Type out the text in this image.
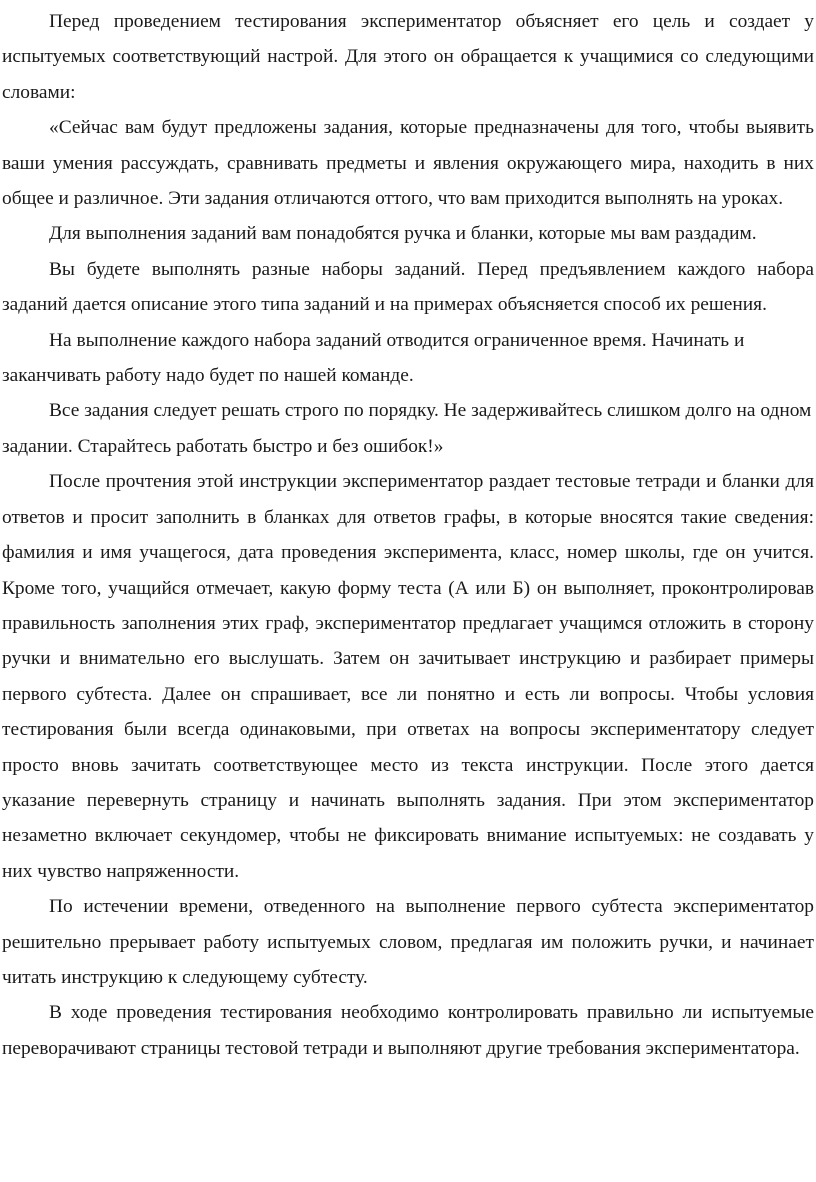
Перед проведением тестирования экспериментатор объясняет его цель и создает у испытуемых соответствующий настрой. Для этого он обращается к учащимися со следующими словами:

«Сейчас вам будут предложены задания, которые предназначены для того, чтобы выявить ваши умения рассуждать, сравнивать предметы и явления окружающего мира, находить в них общее и различное. Эти задания отличаются оттого, что вам приходится выполнять на уроках.

Для выполнения заданий вам понадобятся ручка и бланки, которые мы вам раздадим.

Вы будете выполнять разные наборы заданий. Перед предъявлением каждого набора заданий дается описание этого типа заданий и на примерах объясняется способ их решения.

На выполнение каждого набора заданий отводится ограниченное время. Начинать и заканчивать работу надо будет по нашей команде.

Все задания следует решать строго по порядку. Не задерживайтесь слишком долго на одном задании. Старайтесь работать быстро и без ошибок!»

После прочтения этой инструкции экспериментатор раздает тестовые тетради и бланки для ответов и просит заполнить в бланках для ответов графы, в которые вносятся такие сведения: фамилия и имя учащегося, дата проведения эксперимента, класс, номер школы, где он учится. Кроме того, учащийся отмечает, какую форму теста (А или Б) он выполняет, проконтролировав правильность заполнения этих граф, экспериментатор предлагает учащимся отложить в сторону ручки и внимательно его выслушать. Затем он зачитывает инструкцию и разбирает примеры первого субтеста. Далее он спрашивает, все ли понятно и есть ли вопросы. Чтобы условия тестирования были всегда одинаковыми, при ответах на вопросы экспериментатору следует просто вновь зачитать соответствующее место из текста инструкции. После этого дается указание перевернуть страницу и начинать выполнять задания. При этом экспериментатор незаметно включает секундомер, чтобы не фиксировать внимание испытуемых: не создавать у них чувство напряженности.

По истечении времени, отведенного на выполнение первого субтеста экспериментатор решительно прерывает работу испытуемых словом, предлагая им положить ручки, и начинает читать инструкцию к следующему субтесту.

В ходе проведения тестирования необходимо контролировать правильно ли испытуемые переворачивают страницы тестовой тетради и выполняют другие требования экспериментатора.
